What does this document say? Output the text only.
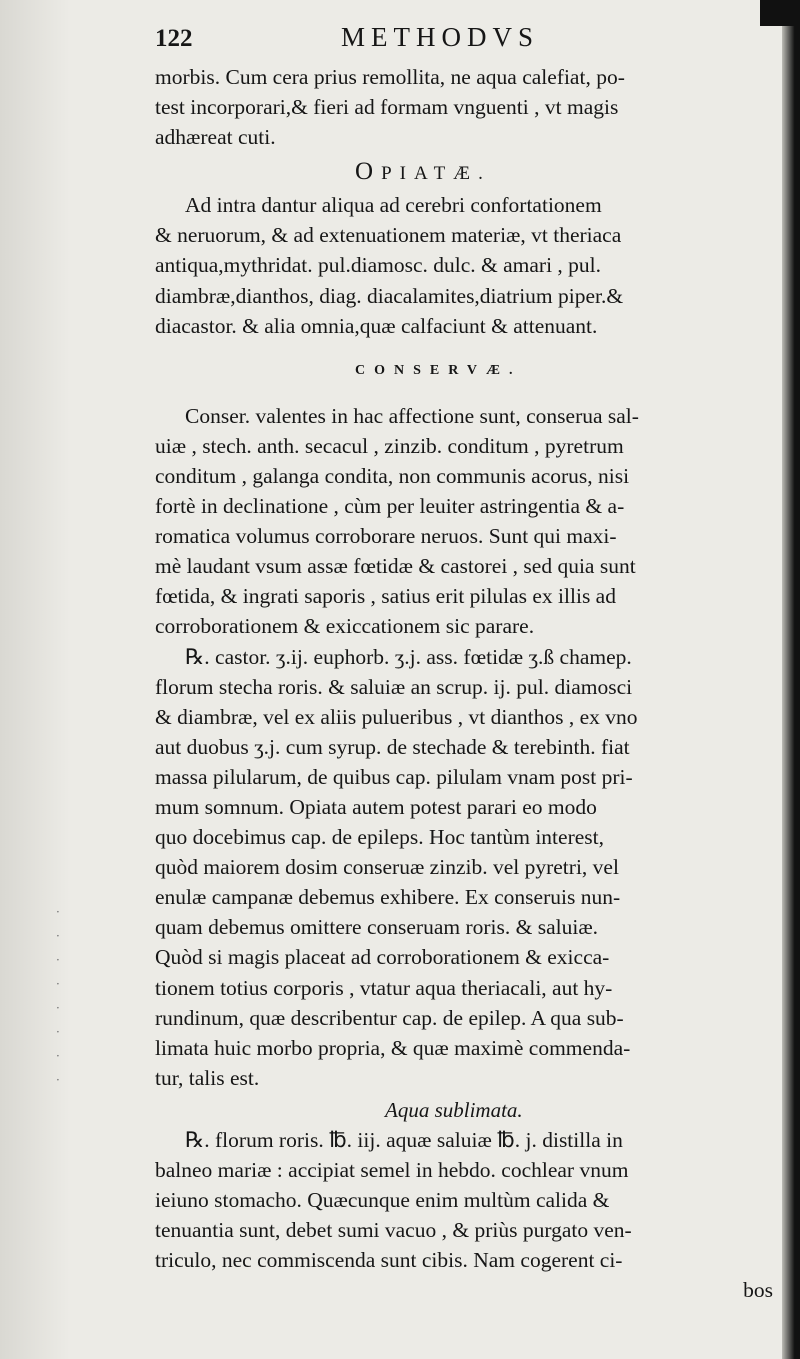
·
·
·
·
·
·
·
·
122	METHODVS

morbis. Cum cera prius remollita, ne aqua calefiat, po-
test incorporari,& fieri ad formam vnguenti , vt magis
adhæreat cuti.

OPIATÆ.

Ad intra dantur aliqua ad cerebri confortationem
& neruorum, & ad extenuationem materiæ, vt theriaca
antiqua,mythridat. pul.diamosc. dulc. & amari , pul.
diambræ,dianthos, diag. diacalamites,diatrium piper.&
diacastor. & alia omnia,quæ calfaciunt & attenuant.

CONSERVÆ.

Conser. valentes in hac affectione sunt, conserua sal-
uiæ , stech. anth. secacul , zinzib. conditum , pyretrum
conditum , galanga condita, non communis acorus, nisi
fortè in declinatione , cùm per leuiter astringentia & a-
romatica volumus corroborare neruos. Sunt qui maxi-
mè laudant vsum assæ fœtidæ & castorei , sed quia sunt
fœtida, & ingrati saporis , satius erit pilulas ex illis ad
corroborationem & exiccationem sic parare.

℞. castor. ʒ.ij. euphorb. ʒ.j. ass. fœtidæ ʒ.ß chamep.
florum stecha roris. & saluiæ an scrup. ij. pul. diamosci
& diambræ, vel ex aliis pulueribus , vt dianthos , ex vno
aut duobus ʒ.j. cum syrup. de stechade & terebinth. fiat
massa pilularum, de quibus cap. pilulam vnam post pri-
mum somnum. Opiata autem potest parari eo modo
quo docebimus cap. de epileps. Hoc tantùm interest,
quòd maiorem dosim conseruæ zinzib. vel pyretri, vel
enulæ campanæ debemus exhibere. Ex conseruis nun-
quam debemus omittere conseruam roris. & saluiæ.
Quòd si magis placeat ad corroborationem & exicca-
tionem totius corporis , vtatur aqua theriacali, aut hy-
rundinum, quæ describentur cap. de epilep. A qua sub-
limata huic morbo propria, & quæ maximè commenda-
tur, talis est.

Aqua sublimata.

℞. florum roris. ℔. iij. aquæ saluiæ ℔. j. distilla in
balneo mariæ : accipiat semel in hebdo. cochlear vnum
ieiuno stomacho. Quæcunque enim multùm calida &
tenuantia sunt, debet sumi vacuo , & priùs purgato ven-
triculo, nec commiscenda sunt cibis. Nam cogerent ci-

bos
